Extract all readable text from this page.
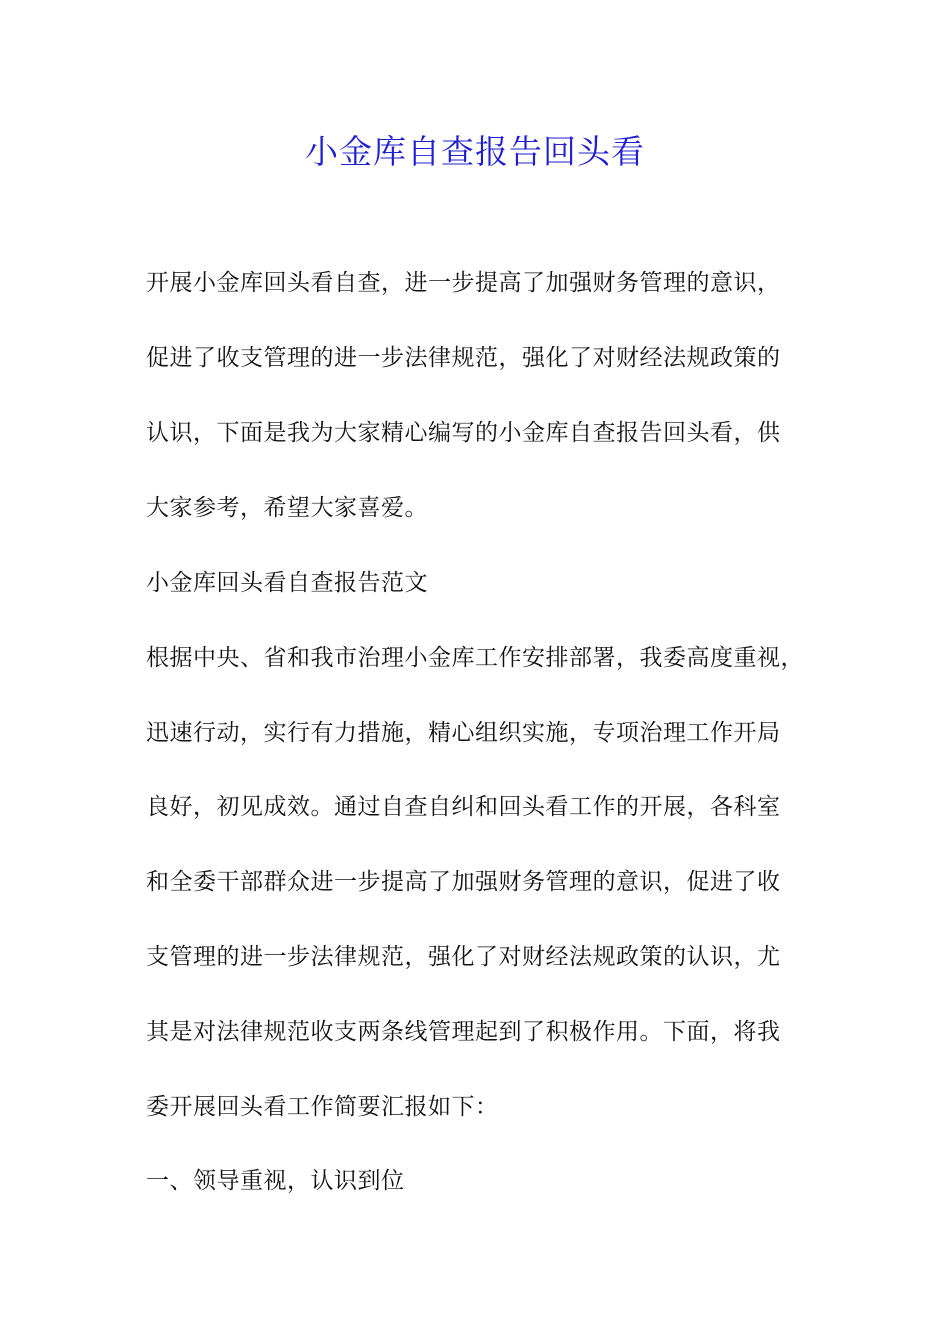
小金库自查报告回头看

开展小金库回头看自查，进一步提高了加强财务管理的意识，

促进了收支管理的进一步法律规范，强化了对财经法规政策的

认识，下面是我为大家精心编写的小金库自查报告回头看，供

大家参考，希望大家喜爱。

小金库回头看自查报告范文

根据中央、省和我市治理小金库工作安排部署，我委高度重视，

迅速行动，实行有力措施，精心组织实施，专项治理工作开局

良好，初见成效。通过自查自纠和回头看工作的开展，各科室

和全委干部群众进一步提高了加强财务管理的意识，促进了收

支管理的进一步法律规范，强化了对财经法规政策的认识，尤

其是对法律规范收支两条线管理起到了积极作用。下面，将我

委开展回头看工作简要汇报如下：

一、领导重视，认识到位
